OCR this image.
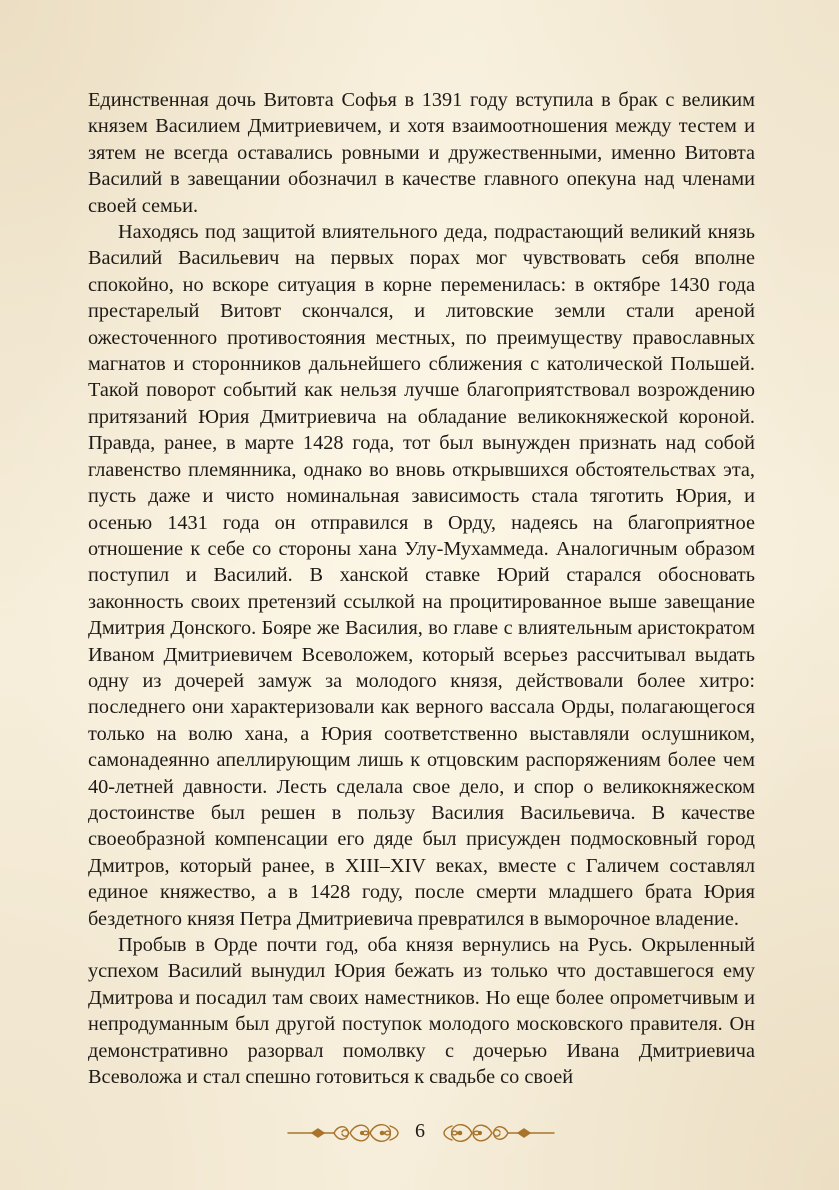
Единственная дочь Витовта Софья в 1391 году вступила в брак с великим князем Василием Дмитриевичем, и хотя взаимоотношения между тестем и зятем не всегда оставались ровными и дружественными, именно Витовта Василий в завещании обозначил в качестве главного опекуна над членами своей семьи.

Находясь под защитой влиятельного деда, подрастающий великий князь Василий Васильевич на первых порах мог чувствовать себя вполне спокойно, но вскоре ситуация в корне переменилась: в октябре 1430 года престарелый Витовт скончался, и литовские земли стали ареной ожесточенного противостояния местных, по преимуществу православных магнатов и сторонников дальнейшего сближения с католической Польшей. Такой поворот событий как нельзя лучше благоприятствовал возрождению притязаний Юрия Дмитриевича на обладание великокняжеской короной. Правда, ранее, в марте 1428 года, тот был вынужден признать над собой главенство племянника, однако во вновь открывшихся обстоятельствах эта, пусть даже и чисто номинальная зависимость стала тяготить Юрия, и осенью 1431 года он отправился в Орду, надеясь на благоприятное отношение к себе со стороны хана Улу-Мухаммеда. Аналогичным образом поступил и Василий. В ханской ставке Юрий старался обосновать законность своих претензий ссылкой на процитированное выше завещание Дмитрия Донского. Бояре же Василия, во главе с влиятельным аристократом Иваном Дмитриевичем Всеволожем, который всерьез рассчитывал выдать одну из дочерей замуж за молодого князя, действовали более хитро: последнего они характеризовали как верного вассала Орды, полагающегося только на волю хана, а Юрия соответственно выставляли ослушником, самонадеянно апеллирующим лишь к отцовским распоряжениям более чем 40-летней давности. Лесть сделала свое дело, и спор о великокняжеском достоинстве был решен в пользу Василия Васильевича. В качестве своеобразной компенсации его дяде был присужден подмосковный город Дмитров, который ранее, в XIII–XIV веках, вместе с Галичем составлял единое княжество, а в 1428 году, после смерти младшего брата Юрия бездетного князя Петра Дмитриевича превратился в выморочное владение.

Пробыв в Орде почти год, оба князя вернулись на Русь. Окрыленный успехом Василий вынудил Юрия бежать из только что доставшегося ему Дмитрова и посадил там своих наместников. Но еще более опрометчивым и непродуманным был другой поступок молодого московского правителя. Он демонстративно разорвал помолвку с дочерью Ивана Дмитриевича Всеволожа и стал спешно готовиться к свадьбе со своей

6
